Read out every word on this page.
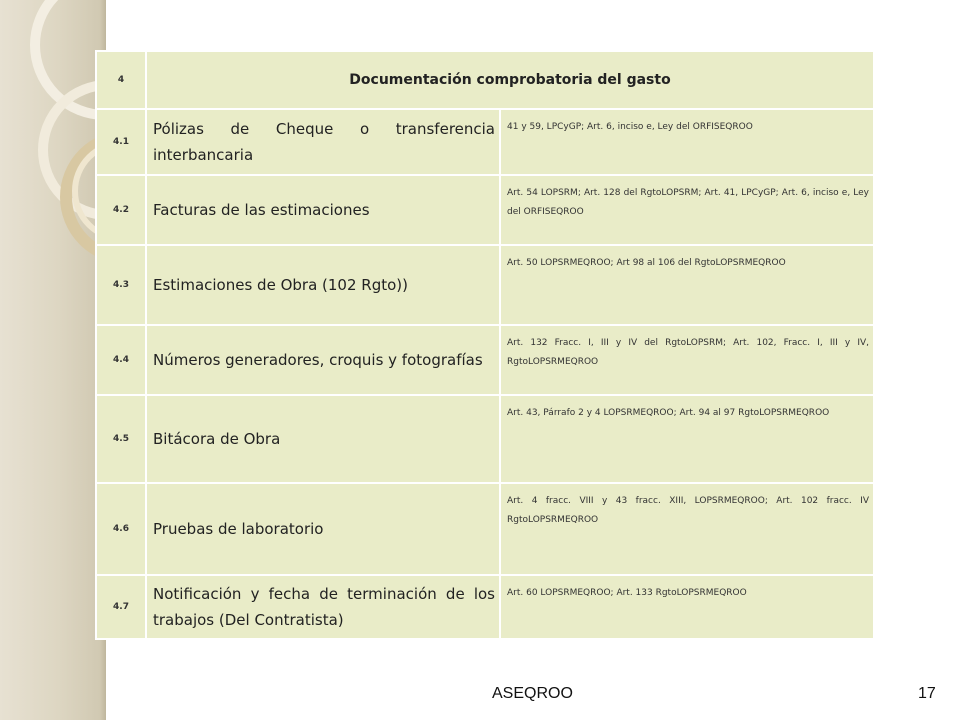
4	Documentación comprobatoria del gasto	
4.1	Pólizas de Cheque o transferencia interbancaria	41 y 59, LPCyGP; Art. 6, inciso e, Ley del ORFISEQROO
4.2	Facturas de las estimaciones	Art. 54 LOPSRM; Art. 128 del RgtoLOPSRM; Art. 41, LPCyGP; Art. 6, inciso e, Ley del ORFISEQROO
4.3	Estimaciones de Obra (102 Rgto))	Art. 50 LOPSRMEQROO; Art 98 al 106 del RgtoLOPSRMEQROO
4.4	Números generadores, croquis y fotografías	Art. 132 Fracc. I, III y IV del RgtoLOPSRM; Art. 102, Fracc. I, III y IV, RgtoLOPSRMEQROO
4.5	Bitácora de Obra	Art. 43, Párrafo 2 y 4 LOPSRMEQROO; Art. 94 al 97 RgtoLOPSRMEQROO
4.6	Pruebas de laboratorio	Art. 4 fracc. VIII y 43 fracc. XIII, LOPSRMEQROO; Art. 102 fracc. IV RgtoLOPSRMEQROO
4.7	Notificación y fecha de terminación de los trabajos (Del Contratista)	Art. 60 LOPSRMEQROO; Art. 133 RgtoLOPSRMEQROO
ASEQROO	17
